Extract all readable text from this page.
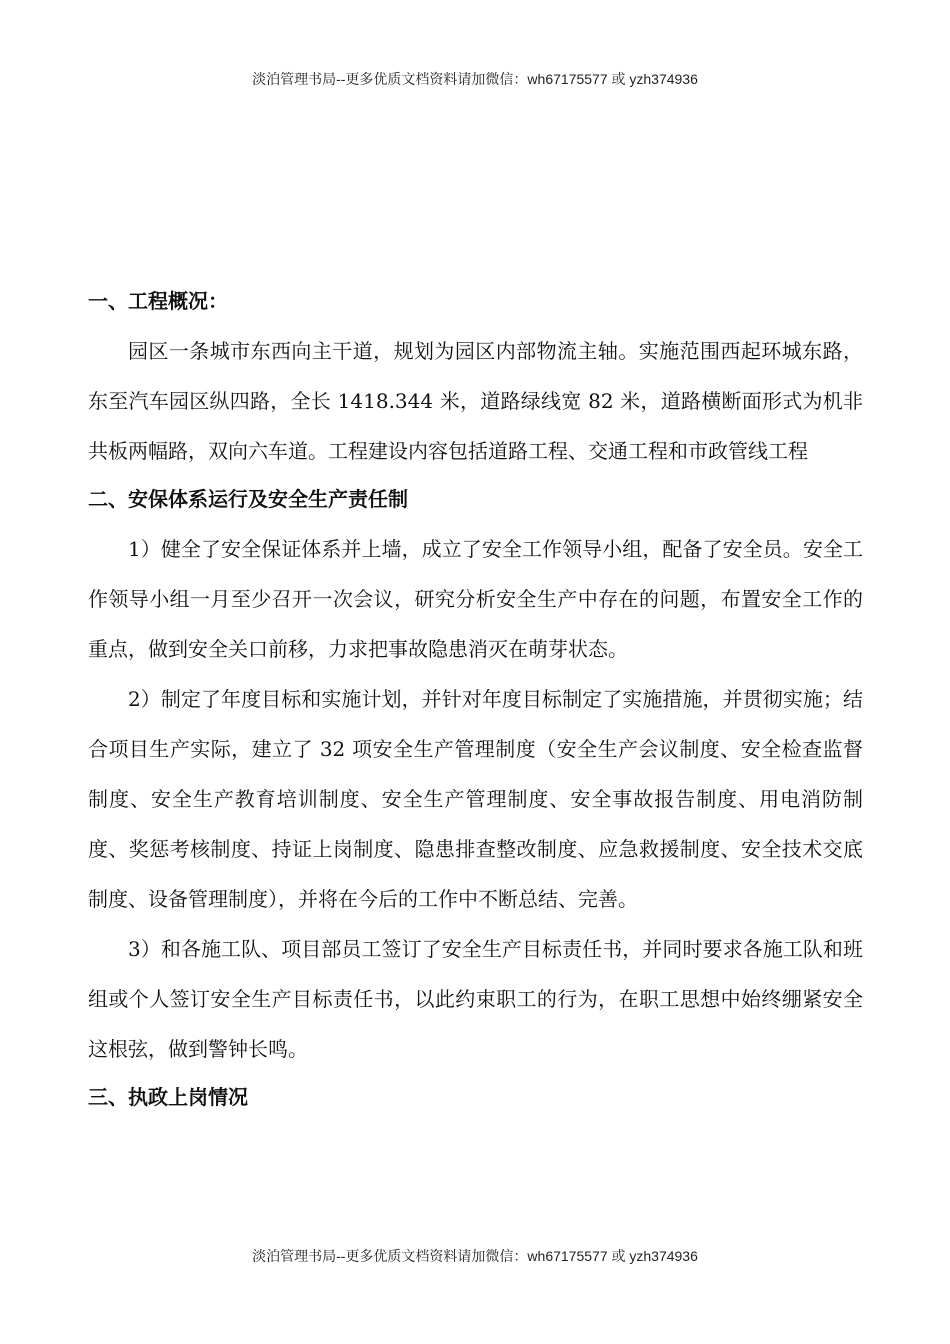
淡泊管理书局--更多优质文档资料请加微信：wh67175577 或 yzh374936
一、工程概况：

园区一条城市东西向主干道，规划为园区内部物流主轴。实施范围西起环城东路，东至汽车园区纵四路，全长 1418.344 米，道路绿线宽 82 米，道路横断面形式为机非共板两幅路，双向六车道。工程建设内容包括道路工程、交通工程和市政管线工程

二、安保体系运行及安全生产责任制

1）健全了安全保证体系并上墙，成立了安全工作领导小组，配备了安全员。安全工作领导小组一月至少召开一次会议，研究分析安全生产中存在的问题，布置安全工作的重点，做到安全关口前移，力求把事故隐患消灭在萌芽状态。

2）制定了年度目标和实施计划，并针对年度目标制定了实施措施，并贯彻实施；结合项目生产实际，建立了 32 项安全生产管理制度（安全生产会议制度、安全检查监督制度、安全生产教育培训制度、安全生产管理制度、安全事故报告制度、用电消防制度、奖惩考核制度、持证上岗制度、隐患排查整改制度、应急救援制度、安全技术交底制度、设备管理制度），并将在今后的工作中不断总结、完善。

3）和各施工队、项目部员工签订了安全生产目标责任书，并同时要求各施工队和班组或个人签订安全生产目标责任书，以此约束职工的行为，在职工思想中始终绷紧安全这根弦，做到警钟长鸣。

三、执政上岗情况
淡泊管理书局--更多优质文档资料请加微信：wh67175577 或 yzh374936
